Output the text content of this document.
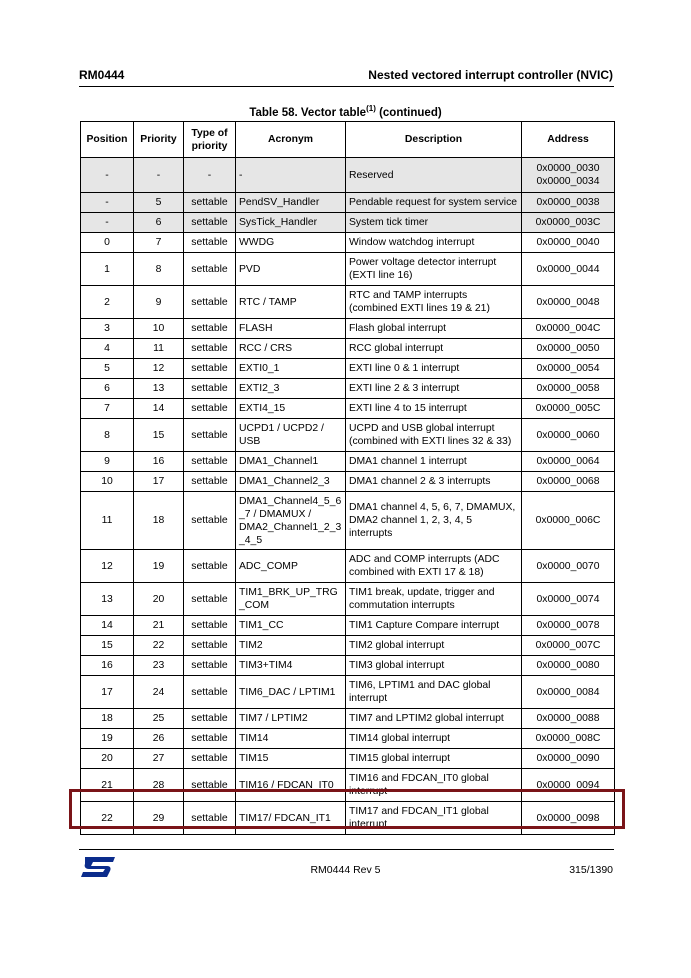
RM0444	Nested vectored interrupt controller (NVIC)
Table 58. Vector table$^{(1)}$ (continued)
Position	Priority	Type of priority	Acronym	Description	Address
-	-	-	-	Reserved	0x0000_0030
0x0000_0034
-	5	settable	PendSV_Handler	Pendable request for system service	0x0000_0038
-	6	settable	SysTick_Handler	System tick timer	0x0000_003C
0	7	settable	WWDG	Window watchdog interrupt	0x0000_0040
1	8	settable	PVD	Power voltage detector interrupt (EXTI line 16)	0x0000_0044
2	9	settable	RTC / TAMP	RTC and TAMP interrupts (combined EXTI lines 19 & 21)	0x0000_0048
3	10	settable	FLASH	Flash global interrupt	0x0000_004C
4	11	settable	RCC / CRS	RCC global interrupt	0x0000_0050
5	12	settable	EXTI0_1	EXTI line 0 & 1 interrupt	0x0000_0054
6	13	settable	EXTI2_3	EXTI line 2 & 3 interrupt	0x0000_0058
7	14	settable	EXTI4_15	EXTI line 4 to 15 interrupt	0x0000_005C
8	15	settable	UCPD1 / UCPD2 / USB	UCPD and USB global interrupt (combined with EXTI lines 32 & 33)	0x0000_0060
9	16	settable	DMA1_Channel1	DMA1 channel 1 interrupt	0x0000_0064
10	17	settable	DMA1_Channel2_3	DMA1 channel 2 & 3 interrupts	0x0000_0068
11	18	settable	DMA1_Channel4_5_6
_7 / DMAMUX /
DMA2_Channel1_2_3
_4_5	DMA1 channel 4, 5, 6, 7, DMAMUX, DMA2 channel 1, 2, 3, 4, 5 interrupts	0x0000_006C
12	19	settable	ADC_COMP	ADC and COMP interrupts (ADC combined with EXTI 17 & 18)	0x0000_0070
13	20	settable	TIM1_BRK_UP_TRG
_COM	TIM1 break, update, trigger and commutation interrupts	0x0000_0074
14	21	settable	TIM1_CC	TIM1 Capture Compare interrupt	0x0000_0078
15	22	settable	TIM2	TIM2 global interrupt	0x0000_007C
16	23	settable	TIM3+TIM4	TIM3 global interrupt	0x0000_0080
17	24	settable	TIM6_DAC / LPTIM1	TIM6, LPTIM1 and DAC global interrupt	0x0000_0084
18	25	settable	TIM7 / LPTIM2	TIM7 and LPTIM2 global interrupt	0x0000_0088
19	26	settable	TIM14	TIM14 global interrupt	0x0000_008C
20	27	settable	TIM15	TIM15 global interrupt	0x0000_0090
21	28	settable	TIM16 / FDCAN_IT0	TIM16 and FDCAN_IT0 global interrupt	0x0000_0094
22	29	settable	TIM17/ FDCAN_IT1	TIM17 and FDCAN_IT1 global interrupt	0x0000_0098
RM0444 Rev 5	315/1390
